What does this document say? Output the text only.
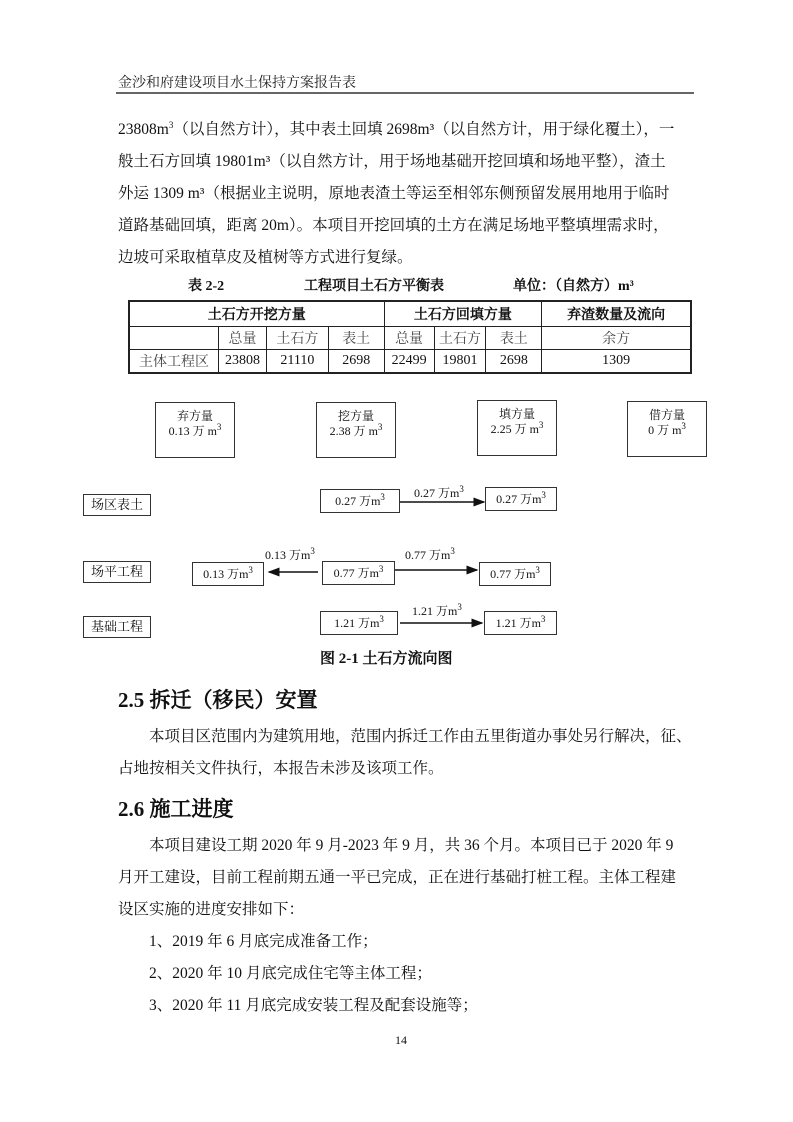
金沙和府建设项目水土保持方案报告表
$23808m^3$（以自然方计），其中表土回填 2698m³（以自然方计，用于绿化覆土），一
般土石方回填 19801m³（以自然方计，用于场地基础开挖回填和场地平整），渣土
外运 1309 m³（根据业主说明，原地表渣土等运至相邻东侧预留发展用地用于临时
道路基础回填，距离 20m）。本项目开挖回填的土方在满足场地平整填埋需求时，
边坡可采取植草皮及植树等方式进行复绿。
表 2-2	工程项目土石方平衡表	单位：（自然方）m³
土石方开挖方量				土石方回填方量			弃渣数量及流向
	总量	土石方	表土	总量	土石方	表土	余方
主体工程区	23808	21110	2698	22499	19801	2698	1309
弃方量
0.13 万 $m^3$
挖方量
2.38 万 $m^3$
填方量
2.25 万 $m^3$
借方量
0 万 $m^3$
场区表土	0.27 万$m^3$	0.27 万$m^3$
0.27 万$m^3$
场平工程	0.13 万$m^3$
0.13 万$m^3$
0.77 万$m^3$
0.77 万$m^3$
0.77 万$m^3$
基础工程	1.21 万$m^3$
1.21 万$m^3$
1.21 万$m^3$
图 2-1 土石方流向图
2.5 拆迁（移民）安置
本项目区范围内为建筑用地，范围内拆迁工作由五里街道办事处另行解决，征、
占地按相关文件执行，本报告未涉及该项工作。
2.6 施工进度
本项目建设工期 2020 年 9 月-2023 年 9 月，共 36 个月。本项目已于 2020 年 9
月开工建设，目前工程前期五通一平已完成，正在进行基础打桩工程。主体工程建
设区实施的进度安排如下：
1、2019 年 6 月底完成准备工作；
2、2020 年 10 月底完成住宅等主体工程；
3、2020 年 11 月底完成安装工程及配套设施等；
14
